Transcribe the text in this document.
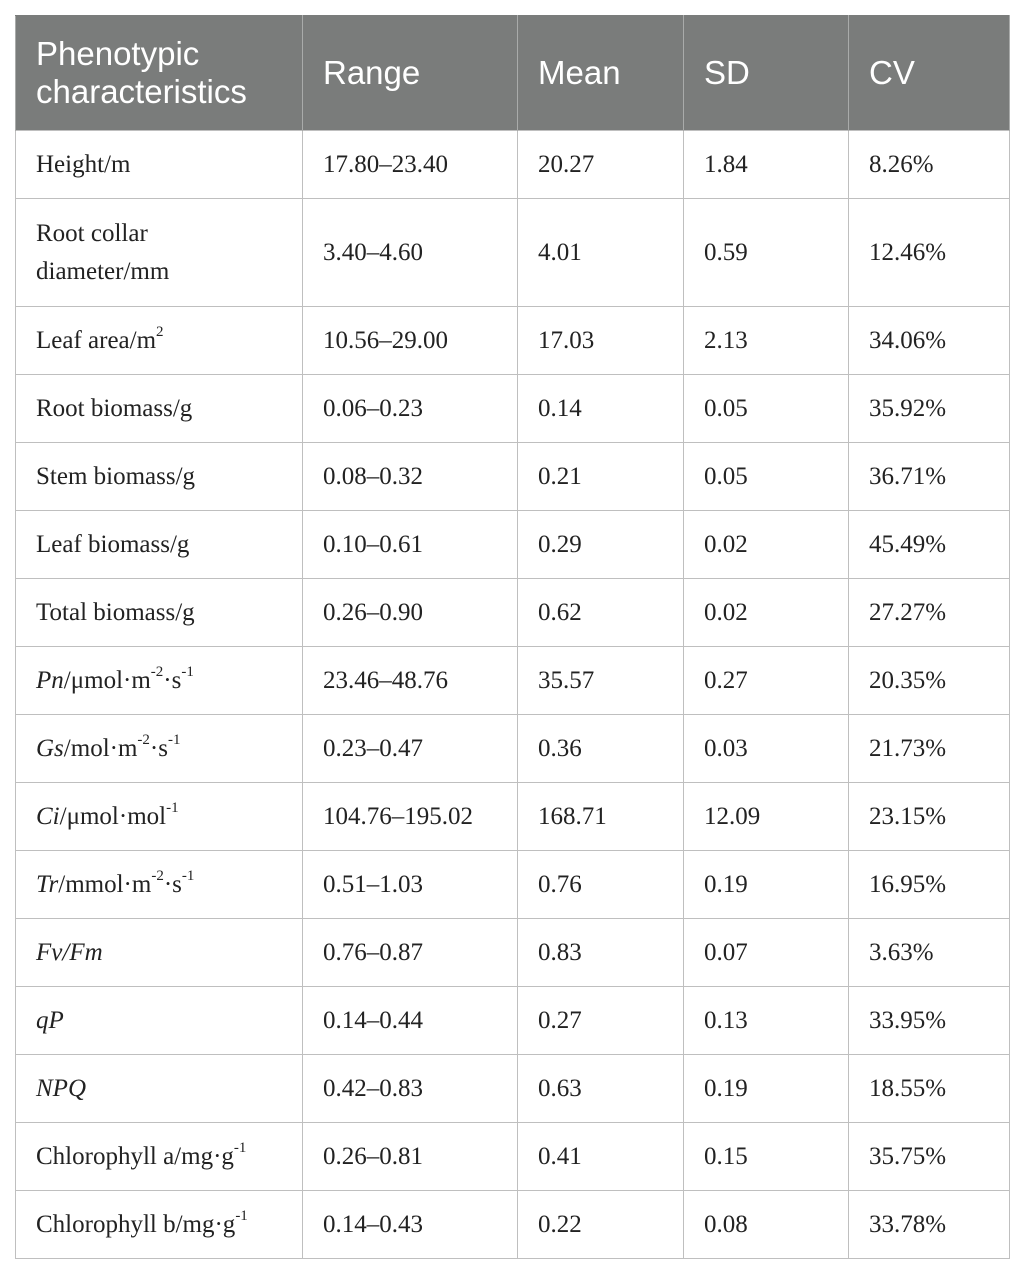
Phenotypic characteristics	Range	Mean	SD	CV
Height/m	17.80–23.40	20.27	1.84	8.26%

Root collar diameter/mm	3.40–4.60	4.01	0.59	12.46%
Leaf area/$m^2$	10.56–29.00	17.03	2.13	34.06%
Root biomass/g	0.06–0.23	0.14	0.05	35.92%
Stem biomass/g	0.08–0.32	0.21	0.05	36.71%
Leaf biomass/g	0.10–0.61	0.29	0.02	45.49%
Total biomass/g	0.26–0.90	0.62	0.02	27.27%
$Pn/\mu mol\cdot m^{-2}\cdot s^{-1}$	23.46–48.76	35.57	0.27	20.35%
$Gs/mol\cdot m^{-2}\cdot s^{-1}$	0.23–0.47	0.36	0.03	21.73%
Ci/μmol·mol$^{-1}$	104.76–195.02	168.71	12.09	23.15%
$Tr/mmol\cdot m^{-2}\cdot s^{-1}$	0.51–1.03	0.76	0.19	16.95%
Fv/Fm	0.76–0.87	0.83	0.07	3.63%
qP	0.14–0.44	0.27	0.13	33.95%
NPQ	0.42–0.83	0.63	0.19	18.55%
Chlorophyll $a/mg\cdot g^{-1}$	0.26–0.81	0.41	0.15	35.75%
Chlorophyll $b/mg\cdot g^{-1}$	0.14–0.43	0.22	0.08	33.78%
